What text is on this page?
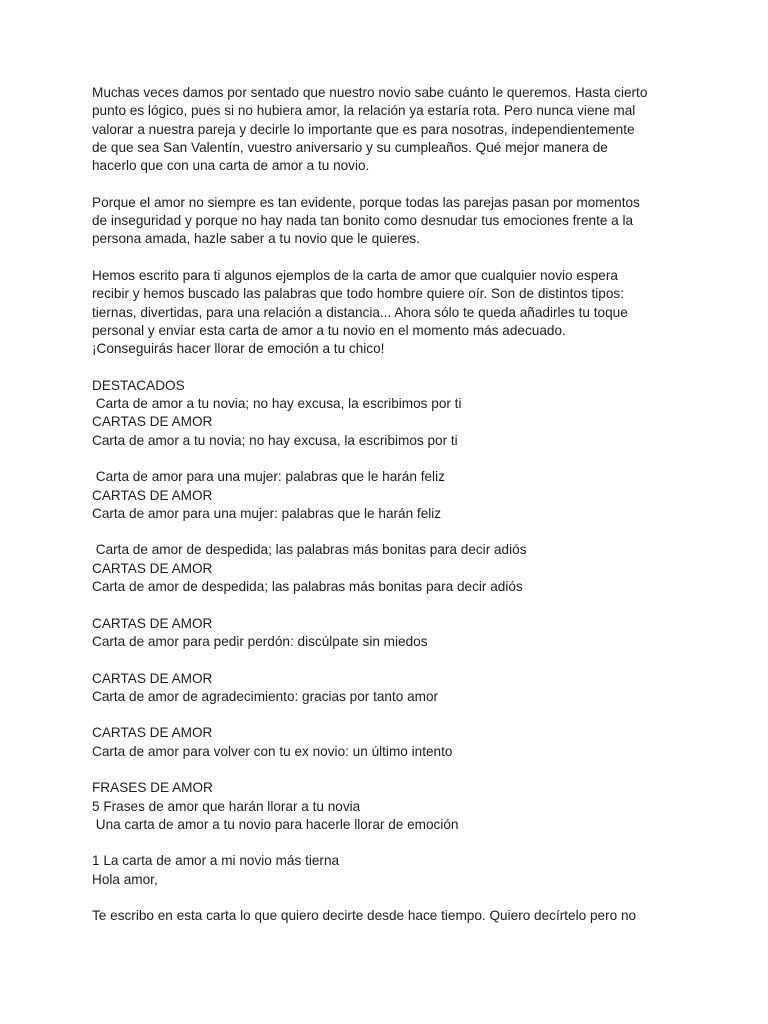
Muchas veces damos por sentado que nuestro novio sabe cuánto le queremos. Hasta cierto
punto es lógico, pues si no hubiera amor, la relación ya estaría rota. Pero nunca viene mal
valorar a nuestra pareja y decirle lo importante que es para nosotras, independientemente
de que sea San Valentín, vuestro aniversario y su cumpleaños. Qué mejor manera de
hacerlo que con una carta de amor a tu novio.
Porque el amor no siempre es tan evidente, porque todas las parejas pasan por momentos
de inseguridad y porque no hay nada tan bonito como desnudar tus emociones frente a la
persona amada, hazle saber a tu novio que le quieres.
Hemos escrito para ti algunos ejemplos de la carta de amor que cualquier novio espera
recibir y hemos buscado las palabras que todo hombre quiere oír. Son de distintos tipos:
tiernas, divertidas, para una relación a distancia... Ahora sólo te queda añadirles tu toque
personal y enviar esta carta de amor a tu novio en el momento más adecuado.
¡Conseguirás hacer llorar de emoción a tu chico!
DESTACADOS
Carta de amor a tu novia; no hay excusa, la escribimos por ti
CARTAS DE AMOR
Carta de amor a tu novia; no hay excusa, la escribimos por ti
Carta de amor para una mujer: palabras que le harán feliz
CARTAS DE AMOR
Carta de amor para una mujer: palabras que le harán feliz
Carta de amor de despedida; las palabras más bonitas para decir adiós
CARTAS DE AMOR
Carta de amor de despedida; las palabras más bonitas para decir adiós
CARTAS DE AMOR
Carta de amor para pedir perdón: discúlpate sin miedos
CARTAS DE AMOR
Carta de amor de agradecimiento: gracias por tanto amor
CARTAS DE AMOR
Carta de amor para volver con tu ex novio: un último intento
FRASES DE AMOR
5 Frases de amor que harán llorar a tu novia
Una carta de amor a tu novio para hacerle llorar de emoción
1 La carta de amor a mi novio más tierna
Hola amor,
Te escribo en esta carta lo que quiero decirte desde hace tiempo. Quiero decírtelo pero no
